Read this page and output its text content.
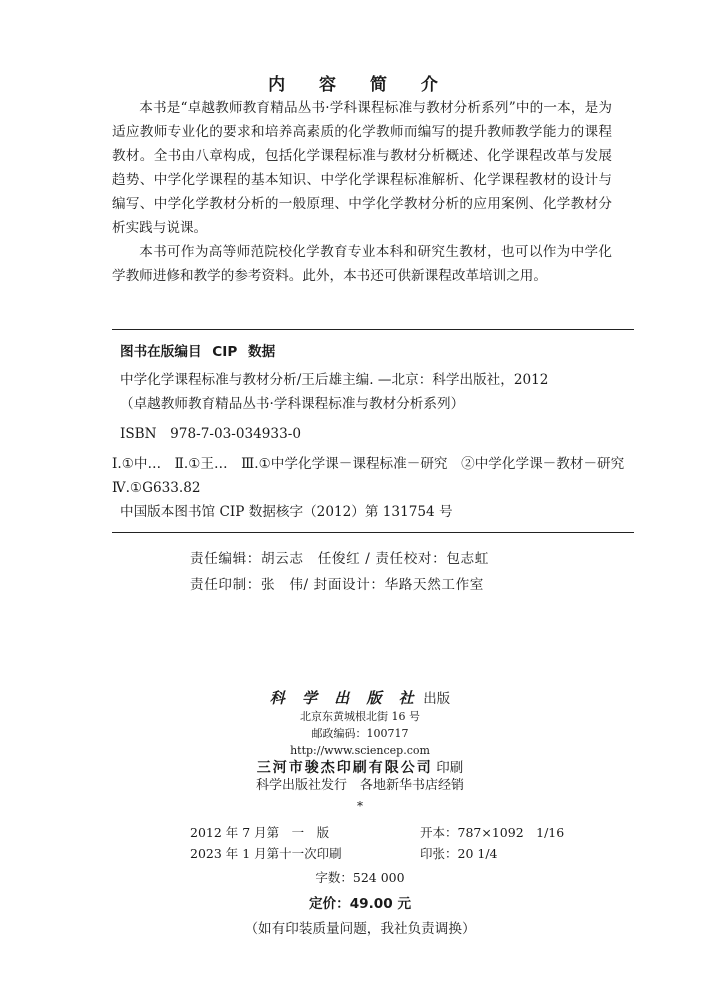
内 容 简 介

本书是“卓越教师教育精品丛书·学科课程标准与教材分析系列”中的一本，是为适应教师专业化的要求和培养高素质的化学教师而编写的提升教师教学能力的课程教材。全书由八章构成，包括化学课程标准与教材分析概述、化学课程改革与发展趋势、中学化学课程的基本知识、中学化学课程标准解析、化学课程教材的设计与编写、中学化学教材分析的一般原理、中学化学教材分析的应用案例、化学教材分析实践与说课。

本书可作为高等师范院校化学教育专业本科和研究生教材，也可以作为中学化学教师进修和教学的参考资料。此外，本书还可供新课程改革培训之用。

图书在版编目 CIP 数据
中学化学课程标准与教材分析/王后雄主编. —北京：科学出版社，2012
（卓越教师教育精品丛书·学科课程标准与教材分析系列）
ISBN　978-7-03-034933-0
Ⅰ.①中…　Ⅱ.①王…　Ⅲ.①中学化学课－课程标准－研究　②中学化学课－教材－研究　Ⅳ.①G633.82
中国版本图书馆 CIP 数据核字（2012）第 131754 号
责任编辑：胡云志　任俊红 / 责任校对：包志虹
责任印制：张　伟/ 封面设计：华路天然工作室
科 学 出 版 社 出版
北京东黄城根北街 16 号
邮政编码：100717
http://www.sciencep.com
三河市骏杰印刷有限公司 印刷
科学出版社发行　各地新华书店经销
*
2012 年 7 月第　一　版	开本：787×1092　1/16
2023 年 1 月第十一次印刷	印张：20 1/4
字数：524 000
定价：49.00 元
（如有印装质量问题，我社负责调换）
